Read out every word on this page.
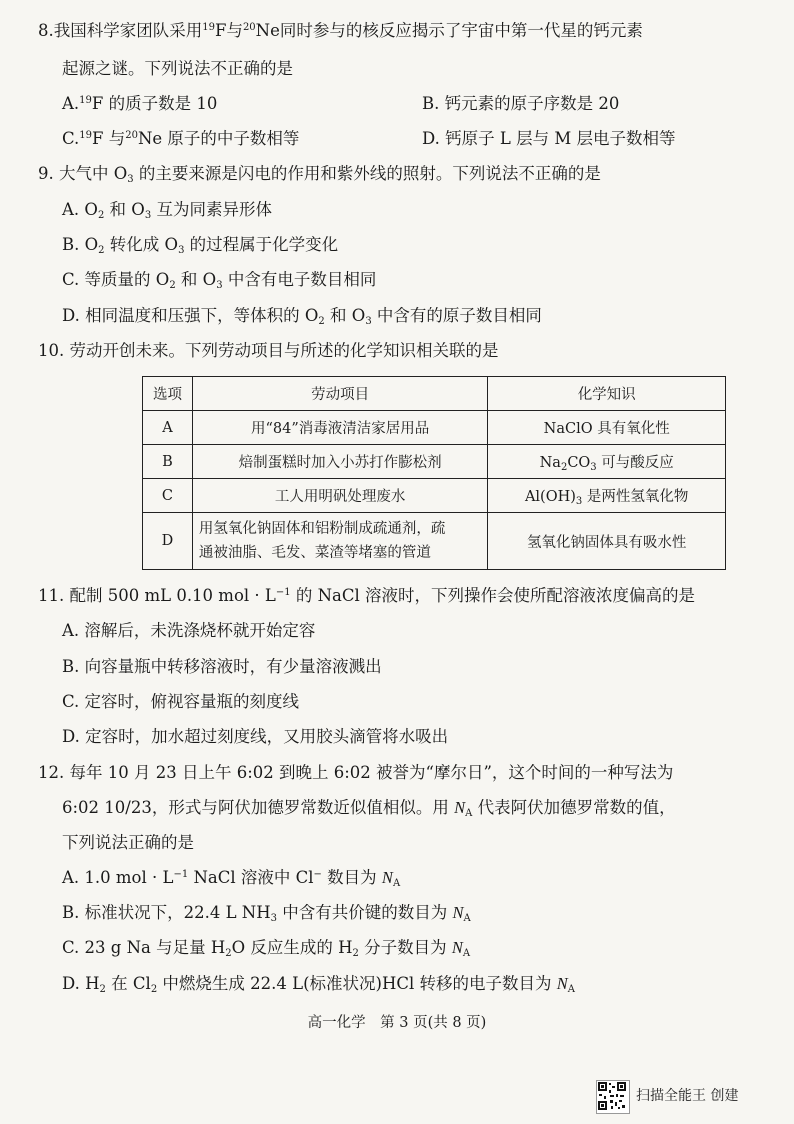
8.我国科学家团队采用$^{19}$F与$^{20}$Ne同时参与的核反应揭示了宇宙中第一代星的钙元素
起源之谜。下列说法不正确的是
A.$^{19}$F 的质子数是 10	B. 钙元素的原子序数是 20
C.$^{19}$F 与$^{20}$Ne 原子的中子数相等	D. 钙原子 L 层与 M 层电子数相等
9. 大气中 $O_3$ 的主要来源是闪电的作用和紫外线的照射。下列说法不正确的是
A. $O_2$ 和 $O_3$ 互为同素异形体
B. $O_2$ 转化成 $O_3$ 的过程属于化学变化
C. 等质量的 $O_2$ 和 $O_3$ 中含有电子数目相同
D. 相同温度和压强下，等体积的 $O_2$ 和 $O_3$ 中含有的原子数目相同
10. 劳动开创未来。下列劳动项目与所述的化学知识相关联的是
选项	劳动项目	化学知识
A	用“84”消毒液清洁家居用品	NaClO 具有氧化性
B	焙制蛋糕时加入小苏打作膨松剂	$Na_2CO_3$ 可与酸反应
C	工人用明矾处理废水	$Al(OH)_3$ 是两性氢氧化物
D	用氢氧化钠固体和铝粉制成疏通剂，疏
通被油脂、毛发、菜渣等堵塞的管道	氢氧化钠固体具有吸水性
11. 配制 500 mL 0.10 mol · $L^{-1}$ 的 NaCl 溶液时，下列操作会使所配溶液浓度偏高的是
A. 溶解后，未洗涤烧杯就开始定容
B. 向容量瓶中转移溶液时，有少量溶液溅出
C. 定容时，俯视容量瓶的刻度线
D. 定容时，加水超过刻度线，又用胶头滴管将水吸出
12. 每年 10 月 23 日上午 6:02 到晚上 6:02 被誉为“摩尔日”，这个时间的一种写法为
6:02 10/23，形式与阿伏加德罗常数近似值相似。用 $N_A$ 代表阿伏加德罗常数的值，
下列说法正确的是
A. 1.0 mol · $L^{-1}$ NaCl 溶液中 Cl− 数目为 $N_A$
B. 标准状况下，22.4 L $NH_3$ 中含有共价键的数目为 $N_A$
C. 23 g Na 与足量 $H_2O$ 反应生成的 $H_2$ 分子数目为 $N_A$
D. $H_2$ 在 $Cl_2$ 中燃烧生成 22.4 L(标准状况)HCl 转移的电子数目为 $N_A$
高一化学　第 3 页(共 8 页)
扫描全能王 创建
